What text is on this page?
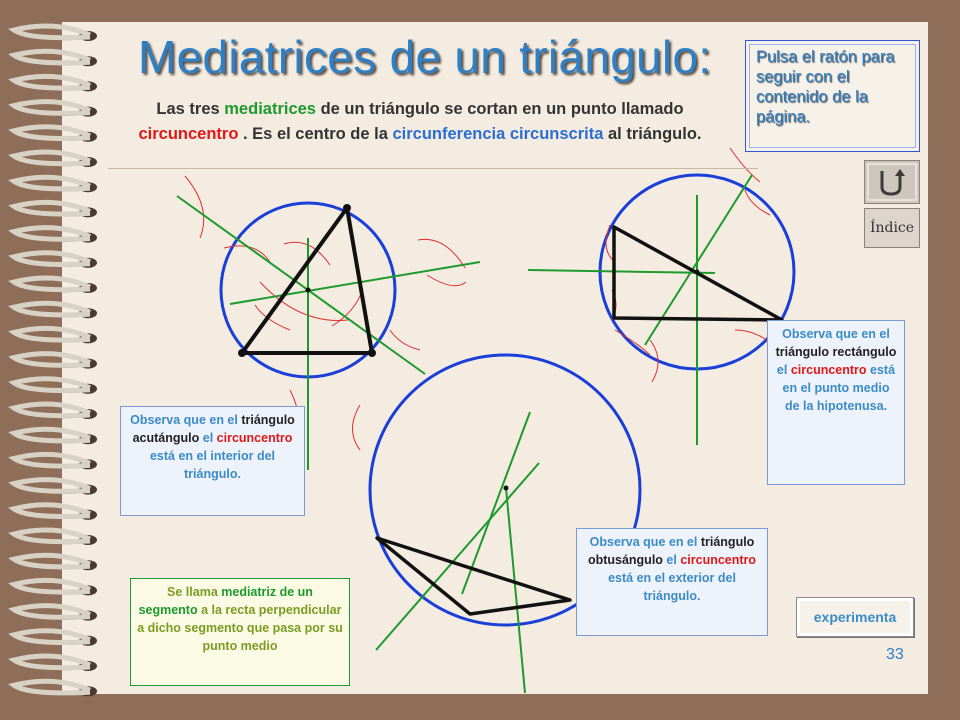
Mediatrices de un triángulo:
Las tres mediatrices de un triángulo se cortan en un punto llamado circuncentro . Es el centro de la circunferencia circunscrita al triángulo.
Pulsa el ratón para seguir con el contenido de la página.
Índice
Observa que en el triángulo acutángulo el circuncentro está en el interior del triángulo.
Observa que en el triángulo rectángulo el circuncentro está en el punto medio de la hipotenusa.
Observa que en el triángulo obtusángulo el circuncentro está en el exterior del triángulo.
Se llama mediatriz de un segmento a la recta perpendicular a dicho segmento que pasa por su punto medio
experimenta
33
